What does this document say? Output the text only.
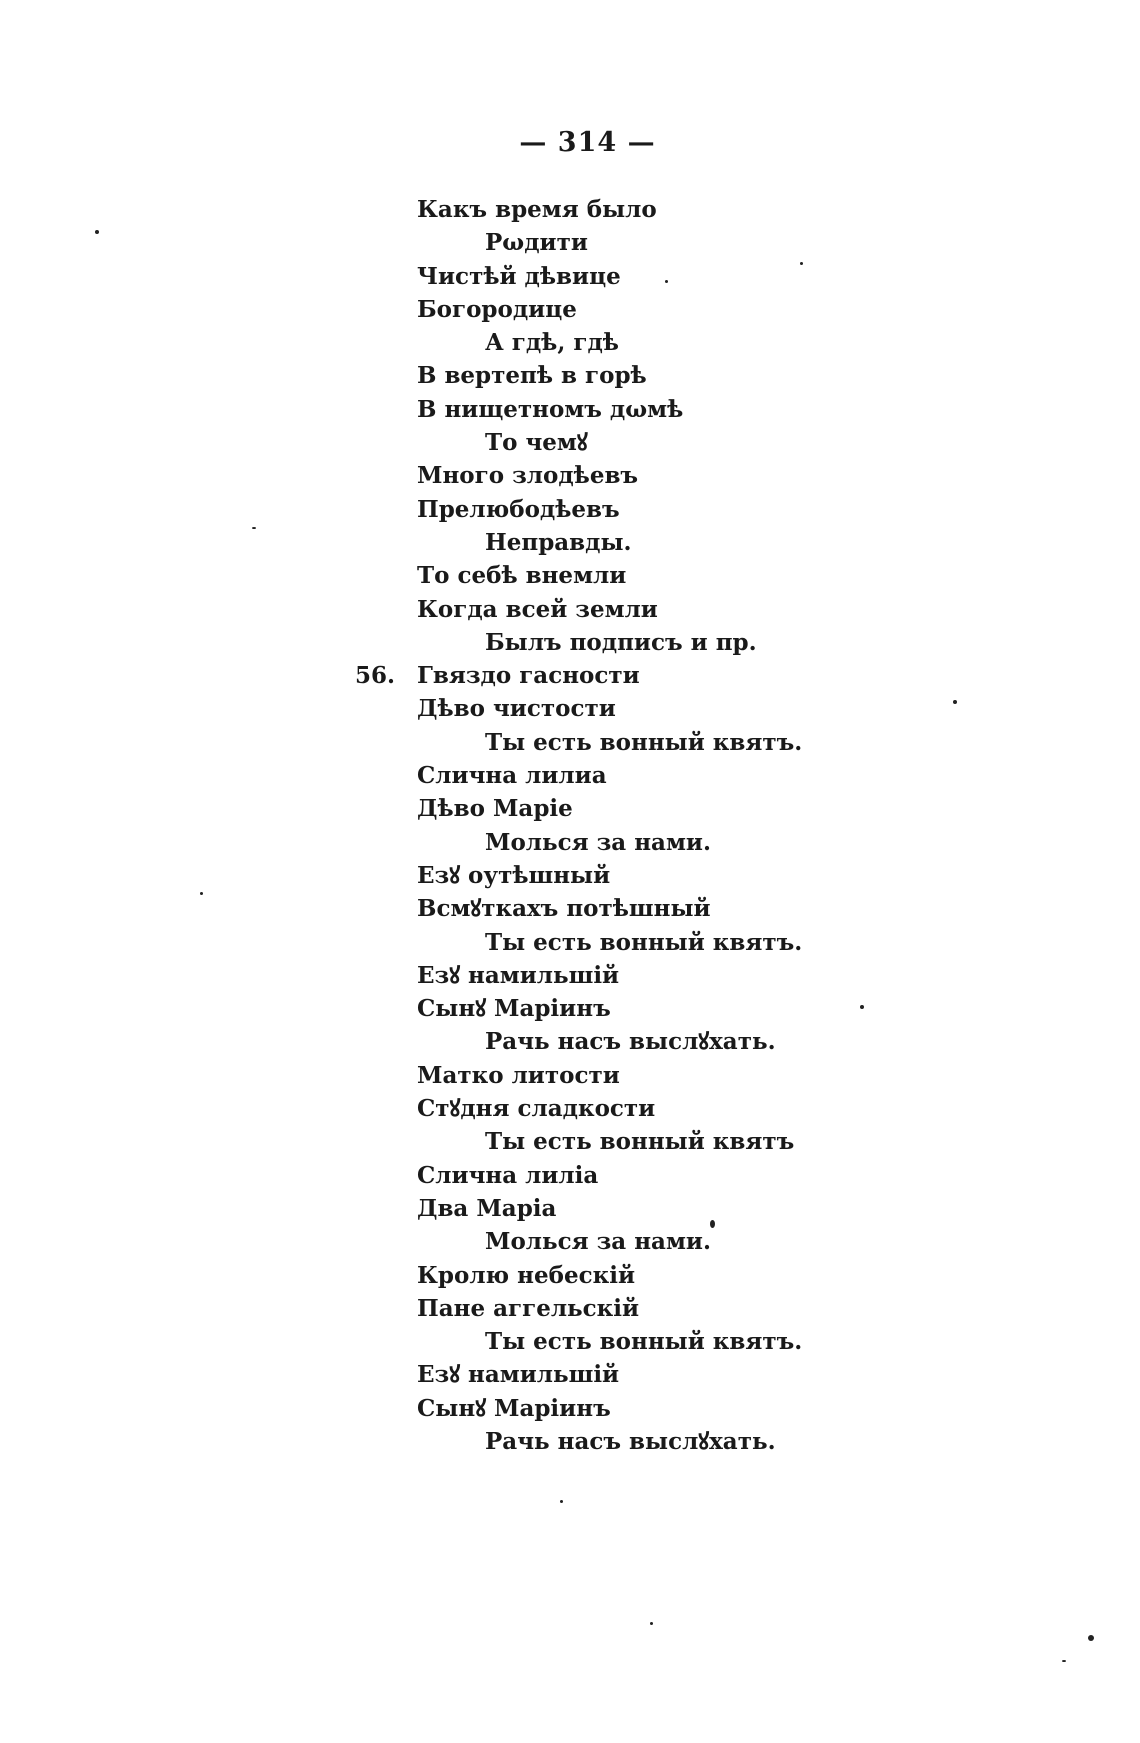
— 314 —
Какъ время было
Рωдити
Чистѣй дѣвице
Богородице
А гдѣ, гдѣ
В вертепѣ в горѣ
В нищетномъ дωмѣ
То чемꙋ
Много злодѣевъ
Прелюбодѣевъ
Неправды.
То себѣ внемли
Когда всей земли
Былъ подписъ и пр.
56. Гвяздо гасности
Дѣво чистости
Ты есть вонный квятъ.
Слична лилиа
Дѣво Маріе
Молься за нами.
Езꙋ оутѣшный
Всмꙋткахъ потѣшный
Ты есть вонный квятъ.
Езꙋ намильшій
Сынꙋ Маріинъ
Рачь насъ выслꙋхать.
Матко литости
Стꙋдня сладкости
Ты есть вонный квятъ
Слична лилiа
Два Марiа
Молься за нами.
Кролю небескій
Пане аггельскій
Ты есть вонный квятъ.
Езꙋ намильшій
Сынꙋ Маріинъ
Рачь насъ выслꙋхать.
